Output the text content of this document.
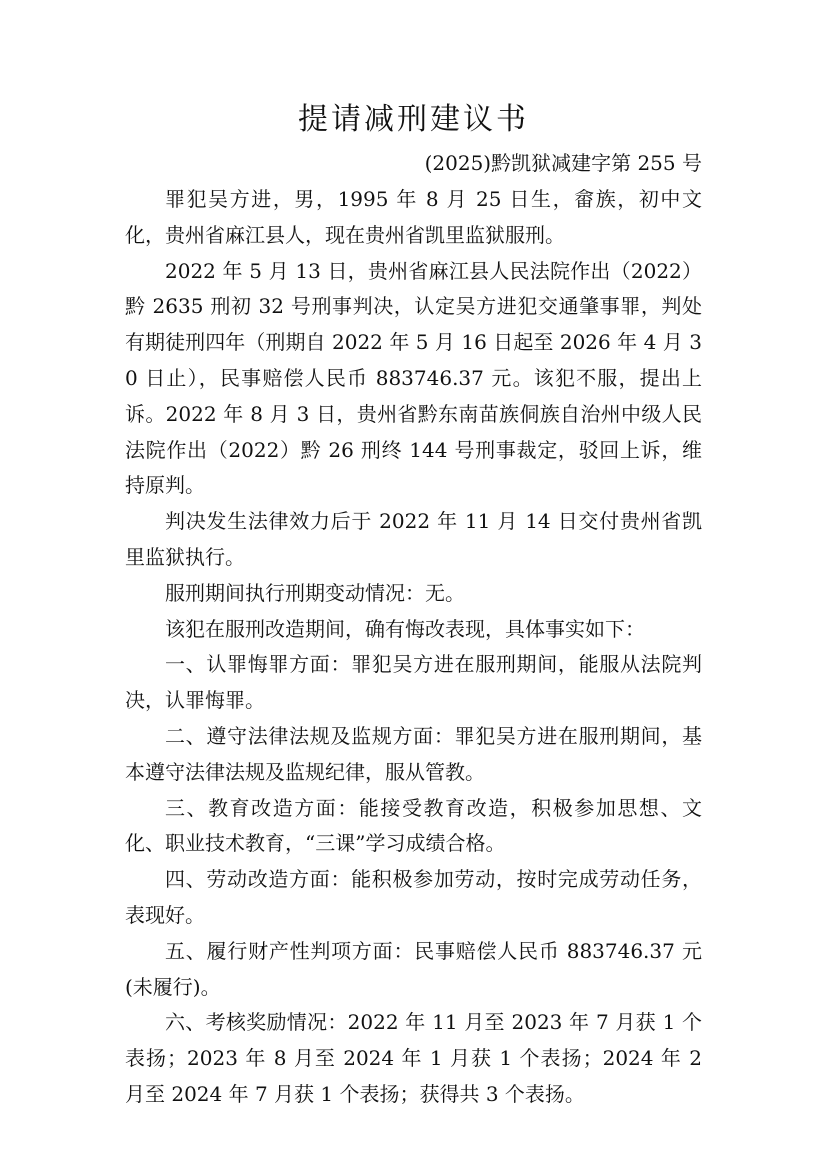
提请减刑建议书
(2025)黔凯狱减建字第 255 号

罪犯吴方进，男，1995 年 8 月 25 日生，畲族，初中文化，贵州省麻江县人，现在贵州省凯里监狱服刑。

2022 年 5 月 13 日，贵州省麻江县人民法院作出（2022）黔 2635 刑初 32 号刑事判决，认定吴方进犯交通肇事罪，判处有期徒刑四年（刑期自 2022 年 5 月 16 日起至 2026 年 4 月 30 日止），民事赔偿人民币 883746.37 元。该犯不服，提出上诉。2022 年 8 月 3 日，贵州省黔东南苗族侗族自治州中级人民法院作出（2022）黔 26 刑终 144 号刑事裁定，驳回上诉，维持原判。

判决发生法律效力后于 2022 年 11 月 14 日交付贵州省凯里监狱执行。

服刑期间执行刑期变动情况：无。

该犯在服刑改造期间，确有悔改表现，具体事实如下：

一、认罪悔罪方面：罪犯吴方进在服刑期间，能服从法院判决，认罪悔罪。

二、遵守法律法规及监规方面：罪犯吴方进在服刑期间，基本遵守法律法规及监规纪律，服从管教。

三、教育改造方面：能接受教育改造，积极参加思想、文化、职业技术教育，“三课”学习成绩合格。

四、劳动改造方面：能积极参加劳动，按时完成劳动任务，表现好。

五、履行财产性判项方面：民事赔偿人民币 883746.37 元(未履行)。

六、考核奖励情况：2022 年 11 月至 2023 年 7 月获 1 个表扬；2023 年 8 月至 2024 年 1 月获 1 个表扬；2024 年 2 月至 2024 年 7 月获 1 个表扬；获得共 3 个表扬。
